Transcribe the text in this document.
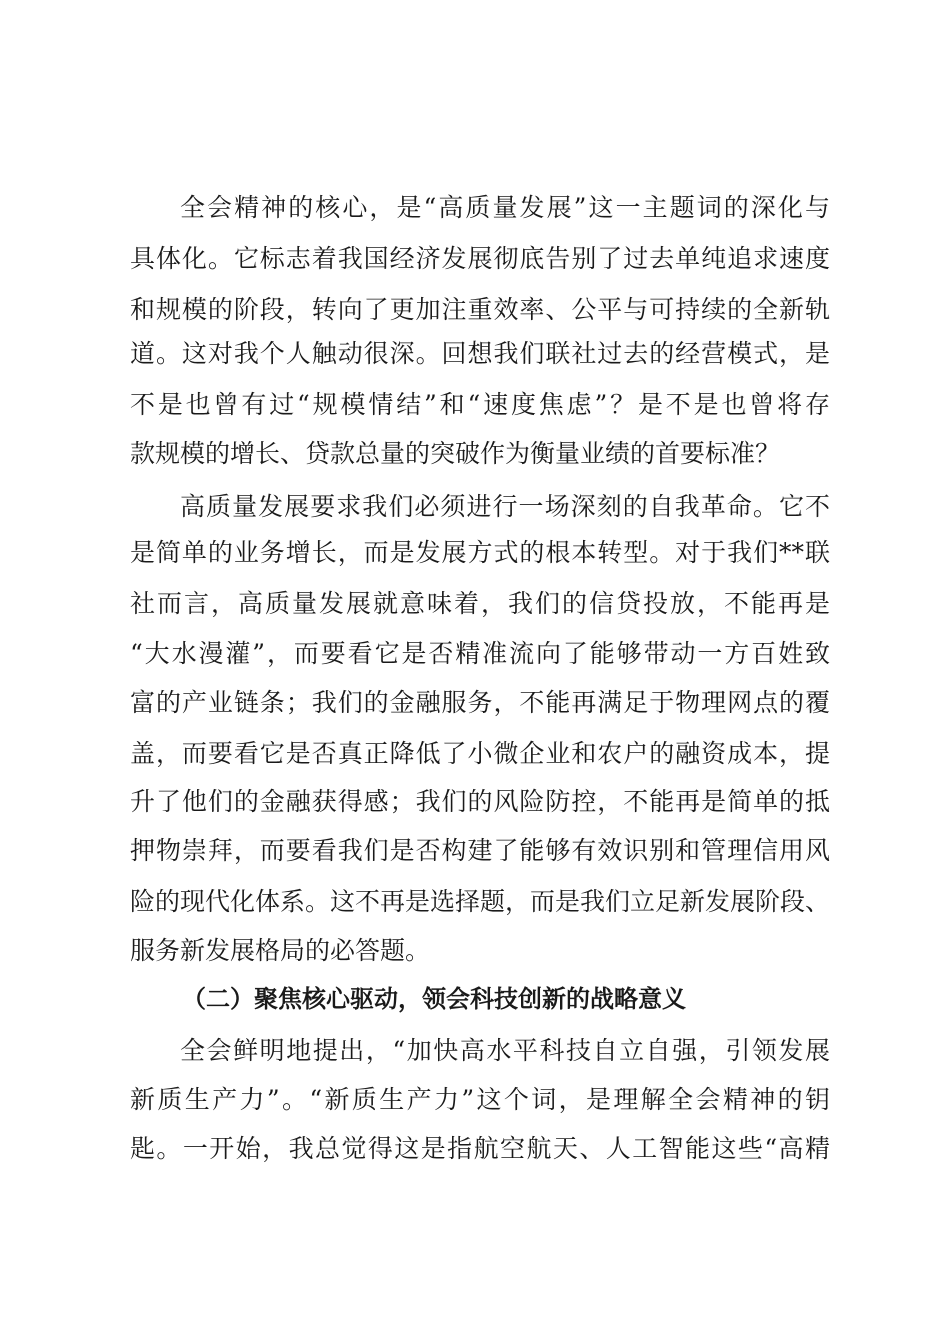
全会精神的核心，是“高质量发展”这一主题词的深化与
具体化。它标志着我国经济发展彻底告别了过去单纯追求速度
和规模的阶段，转向了更加注重效率、公平与可持续的全新轨
道。这对我个人触动很深。回想我们联社过去的经营模式，是
不是也曾有过“规模情结”和“速度焦虑”？是不是也曾将存
款规模的增长、贷款总量的突破作为衡量业绩的首要标准？
高质量发展要求我们必须进行一场深刻的自我革命。它不
是简单的业务增长，而是发展方式的根本转型。对于我们**联
社而言，高质量发展就意味着，我们的信贷投放，不能再是
“大水漫灌”，而要看它是否精准流向了能够带动一方百姓致
富的产业链条；我们的金融服务，不能再满足于物理网点的覆
盖，而要看它是否真正降低了小微企业和农户的融资成本，提
升了他们的金融获得感；我们的风险防控，不能再是简单的抵
押物崇拜，而要看我们是否构建了能够有效识别和管理信用风
险的现代化体系。这不再是选择题，而是我们立足新发展阶段、
服务新发展格局的必答题。
（二）聚焦核心驱动，领会科技创新的战略意义
全会鲜明地提出，“加快高水平科技自立自强，引领发展
新质生产力”。“新质生产力”这个词，是理解全会精神的钥
匙。一开始，我总觉得这是指航空航天、人工智能这些“高精
